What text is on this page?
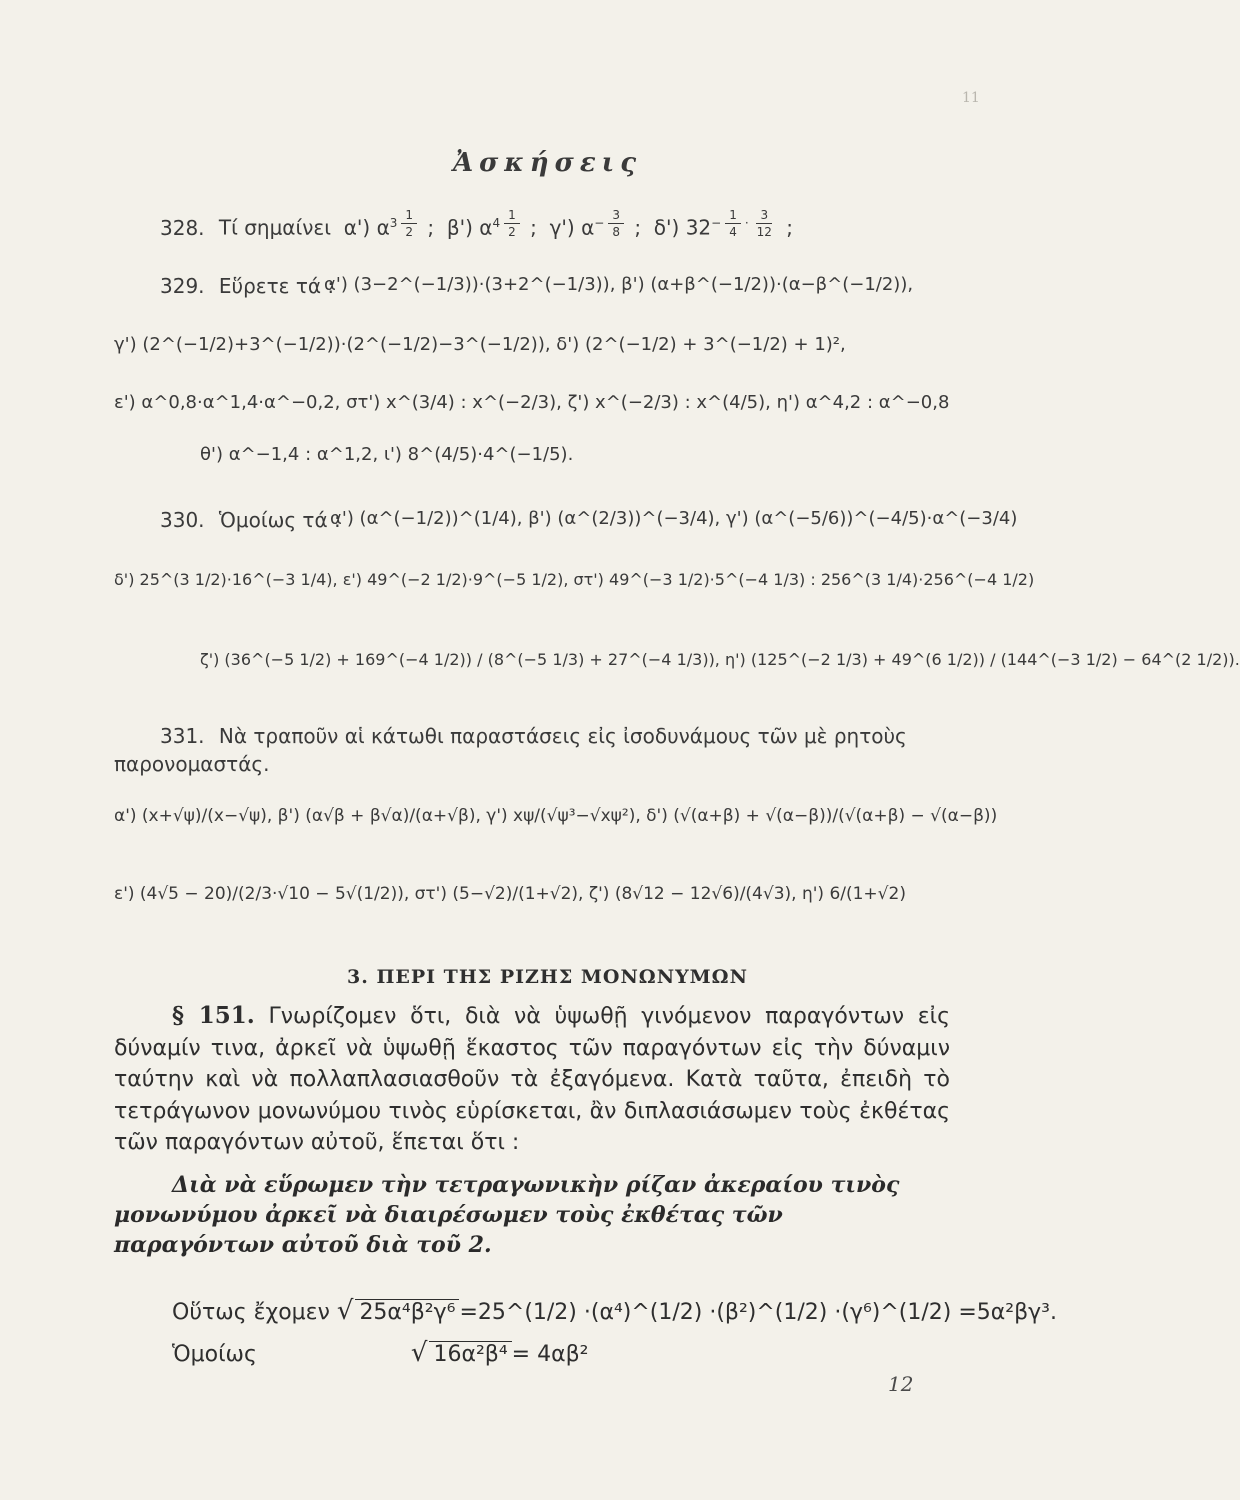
11
Ἀσκήσεις
328. Τί σημαίνει α') $\alpha^{3 \frac{1}{2}}$ ;  β') $\alpha^{4 \frac{1}{2}}$ ;  γ') $\alpha^{- \frac{3}{8}}$ ;  δ') $32^{- \frac{1}{4} \cdot \frac{3}{12}}$ ;
329. Εὕρετε τά :
α') (3−2^(−1/3))·(3+2^(−1/3)), β') (α+β^(−1/2))·(α−β^(−1/2)),
γ') (2^(−1/2)+3^(−1/2))·(2^(−1/2)−3^(−1/2)), δ') (2^(−1/2) + 3^(−1/2) + 1)²,
ε') α^0,8·α^1,4·α^−0,2, στ') x^(3/4) : x^(−2/3), ζ') x^(−2/3) : x^(4/5), η') α^4,2 : α^−0,8
θ') α^−1,4 : α^1,2, ι') 8^(4/5)·4^(−1/5).
330. Ὁμοίως τά :
α') (α^(−1/2))^(1/4), β') (α^(2/3))^(−3/4), γ') (α^(−5/6))^(−4/5)·α^(−3/4)
δ') 25^(3 1/2)·16^(−3 1/4), ε') 49^(−2 1/2)·9^(−5 1/2), στ') 49^(−3 1/2)·5^(−4 1/3) : 256^(3 1/4)·256^(−4 1/2)
ζ') (36^(−5 1/2) + 169^(−4 1/2)) / (8^(−5 1/3) + 27^(−4 1/3)), η') (125^(−2 1/3) + 49^(6 1/2)) / (144^(−3 1/2) − 64^(2 1/2)).
331. Νὰ τραποῦν αἱ κάτωθι παραστάσεις εἰς ἰσοδυνάμους τῶν μὲ ρητοὺς παρονομαστάς.
α') (x+√ψ)/(x−√ψ), β') (α√β + β√α)/(α+√β), γ') xψ/(√ψ³−√xψ²), δ') (√(α+β) + √(α−β))/(√(α+β) − √(α−β))
ε') (4√5 − 20)/(2/3·√10 − 5√(1/2)), στ') (5−√2)/(1+√2), ζ') (8√12 − 12√6)/(4√3), η') 6/(1+√2)
3. ΠΕΡΙ ΤΗΣ ΡΙΖΗΣ ΜΟΝΩΝΥΜΩΝ
§ 151. Γνωρίζομεν ὅτι, διὰ νὰ ὑψωθῇ γινόμενον παραγόντων εἰς δύναμίν τινα, ἀρκεῖ νὰ ὑψωθῇ ἕκαστος τῶν παραγόντων εἰς τὴν δύναμιν ταύτην καὶ νὰ πολλαπλασιασθοῦν τὰ ἐξαγόμενα. Κατὰ ταῦτα, ἐπειδὴ τὸ τετράγωνον μονωνύμου τινὸς εὑρίσκεται, ἂν διπλασιάσωμεν τοὺς ἐκθέτας τῶν παραγόντων αὐτοῦ, ἕπεται ὅτι :
Διὰ νὰ εὕρωμεν τὴν τετραγωνικὴν ρίζαν ἀκεραίου τινὸς μονωνύμου ἀρκεῖ νὰ διαιρέσωμεν τοὺς ἐκθέτας τῶν παραγόντων αὐτοῦ διὰ τοῦ 2.
Οὕτως ἔχομεν √ 25α⁴β²γ⁶ =25^(1/2) ·(α⁴)^(1/2) ·(β²)^(1/2) ·(γ⁶)^(1/2) =5α²βγ³.
Ὁμοίως	√ 16α²β⁴ = 4αβ²
12
